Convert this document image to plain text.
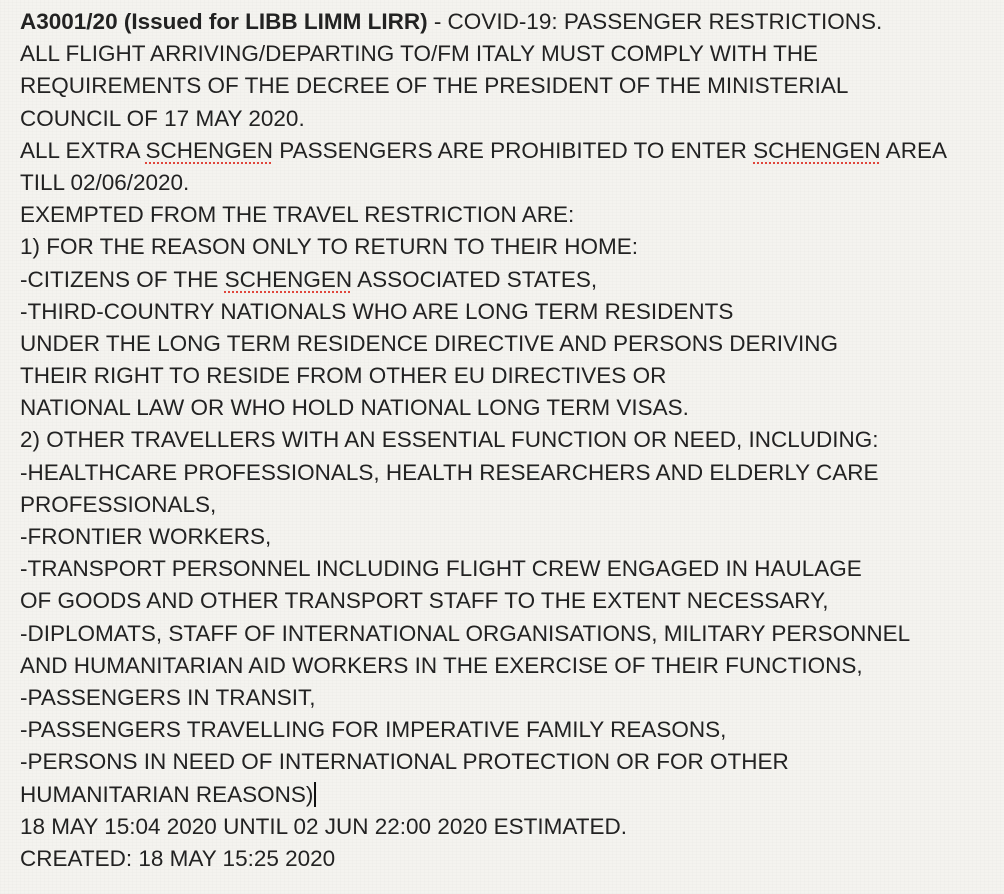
A3001/20 (Issued for LIBB LIMM LIRR) - COVID-19: PASSENGER RESTRICTIONS.
ALL FLIGHT ARRIVING/DEPARTING TO/FM ITALY MUST COMPLY WITH THE
REQUIREMENTS OF THE DECREE OF THE PRESIDENT OF THE MINISTERIAL
COUNCIL OF 17 MAY 2020.
ALL EXTRA SCHENGEN PASSENGERS ARE PROHIBITED TO ENTER SCHENGEN AREA
TILL 02/06/2020.
EXEMPTED FROM THE TRAVEL RESTRICTION ARE:
1) FOR THE REASON ONLY TO RETURN TO THEIR HOME:
-CITIZENS OF THE SCHENGEN ASSOCIATED STATES,
-THIRD-COUNTRY NATIONALS WHO ARE LONG TERM RESIDENTS
UNDER THE LONG TERM RESIDENCE DIRECTIVE AND PERSONS DERIVING
THEIR RIGHT TO RESIDE FROM OTHER EU DIRECTIVES OR
NATIONAL LAW OR WHO HOLD NATIONAL LONG TERM VISAS.
2) OTHER TRAVELLERS WITH AN ESSENTIAL FUNCTION OR NEED, INCLUDING:
-HEALTHCARE PROFESSIONALS, HEALTH RESEARCHERS AND ELDERLY CARE
PROFESSIONALS,
-FRONTIER WORKERS,
-TRANSPORT PERSONNEL INCLUDING FLIGHT CREW ENGAGED IN HAULAGE
OF GOODS AND OTHER TRANSPORT STAFF TO THE EXTENT NECESSARY,
-DIPLOMATS, STAFF OF INTERNATIONAL ORGANISATIONS, MILITARY PERSONNEL
AND HUMANITARIAN AID WORKERS IN THE EXERCISE OF THEIR FUNCTIONS,
-PASSENGERS IN TRANSIT,
-PASSENGERS TRAVELLING FOR IMPERATIVE FAMILY REASONS,
-PERSONS IN NEED OF INTERNATIONAL PROTECTION OR FOR OTHER
HUMANITARIAN REASONS)
18 MAY 15:04 2020 UNTIL 02 JUN 22:00 2020 ESTIMATED.
CREATED: 18 MAY 15:25 2020
